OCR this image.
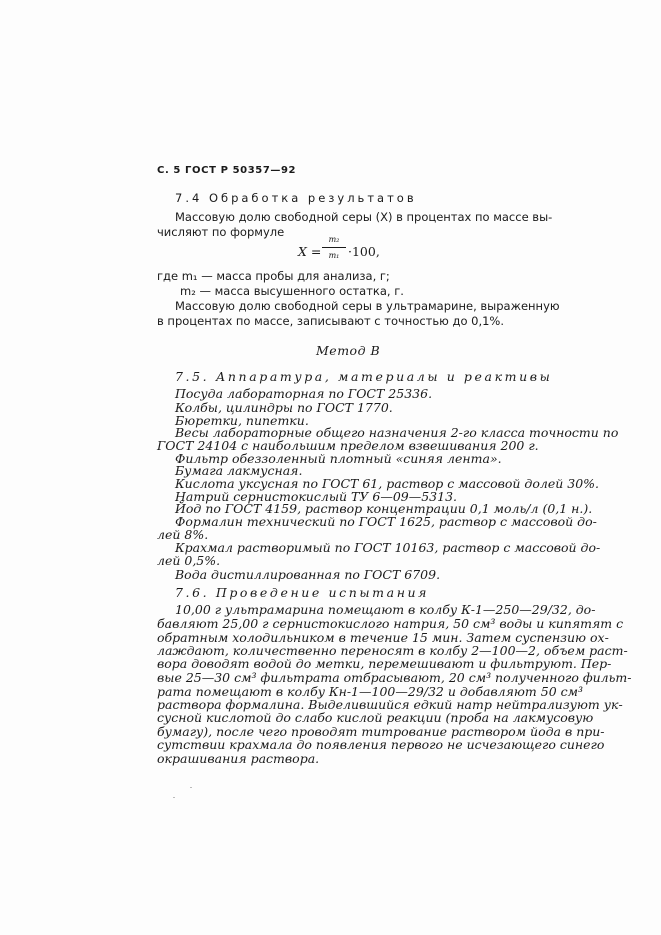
С. 5 ГОСТ Р 50357—92
7.4 Обработка результатов
Массовую долю свободной серы (X) в процентах по массе вы-
числяют по формуле
X =
m₂
m₁ ·100,
где m₁ — масса пробы для анализа, г;
m₂ — масса высушенного остатка, г.
Массовую долю свободной серы в ультрамарине, выраженную
в процентах по массе, записывают с точностью до 0,1%.
Метод В
7.5. Аппаратура, материалы и реактивы
Посуда лабораторная по ГОСТ 25336.
Колбы, цилиндры по ГОСТ 1770.
Бюретки, пипетки.
Весы лабораторные общего назначения 2-го класса точности по
ГОСТ 24104 с наибольшим пределом взвешивания 200 г.
Фильтр обеззоленный плотный «синяя лента».
Бумага лакмусная.
Кислота уксусная по ГОСТ 61, раствор с массовой долей 30%.
Натрий сернистокислый ТУ 6—09—5313.
Йод по ГОСТ 4159, раствор концентрации 0,1 моль/л (0,1 н.).
Формалин технический по ГОСТ 1625, раствор с массовой до-
лей 8%.
Крахмал растворимый по ГОСТ 10163, раствор с массовой до-
лей 0,5%.
Вода дистиллированная по ГОСТ 6709.
7.6. Проведение испытания
10,00 г ультрамарина помещают в колбу К-1—250—29/32, до-
бавляют 25,00 г сернистокислого натрия, 50 см³ воды и кипятят с
обратным холодильником в течение 15 мин. Затем суспензию ох-
лаждают, количественно переносят в колбу 2—100—2, объем раст-
вора доводят водой до метки, перемешивают и фильтруют. Пер-
вые 25—30 см³ фильтрата отбрасывают, 20 см³ полученного фильт-
рата помещают в колбу Кн-1—100—29/32 и добавляют 50 см³
раствора формалина. Выделившийся едкий натр нейтрализуют ук-
сусной кислотой до слабо кислой реакции (проба на лакмусовую
бумагу), после чего проводят титрование раствором йода в при-
сутствии крахмала до появления первого не исчезающего синего
окрашивания раствора.
